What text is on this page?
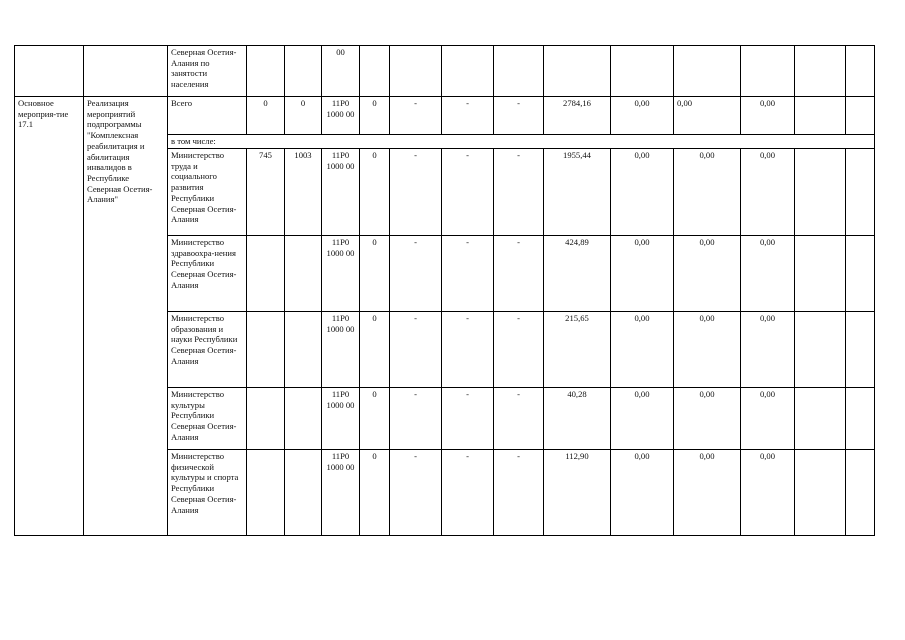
		Северная Осетия-Алания по занятости населения			00										
Основное мероприя-тие 17.1	Реализация мероприятий подпрограммы "Комплексная реабилитация и абилитация инвалидов в Республике Северная Осетия-Алания"	Всего	0	0	11Р0 1000 00	0	-	-	-	2784,16	0,00	0,00	0,00		
		в том числе:													
		Министерство труда и социального развития Республики Северная Осетия-Алания	745	1003	11Р0 1000 00	0	-	-	-	1955,44	0,00	0,00	0,00		
		Министерство здравоохра-нения Республики Северная Осетия-Алания			11Р0 1000 00	0	-	-	-	424,89	0,00	0,00	0,00		
		Министерство образования и науки Республики Северная Осетия-Алания			11Р0 1000 00	0	-	-	-	215,65	0,00	0,00	0,00		
		Министерство культуры Республики Северная Осетия-Алания			11Р0 1000 00	0	-	-	-	40,28	0,00	0,00	0,00		
		Министерство физической культуры и спорта Республики Северная Осетия-Алания			11Р0 1000 00	0	-	-	-	112,90	0,00	0,00	0,00		
